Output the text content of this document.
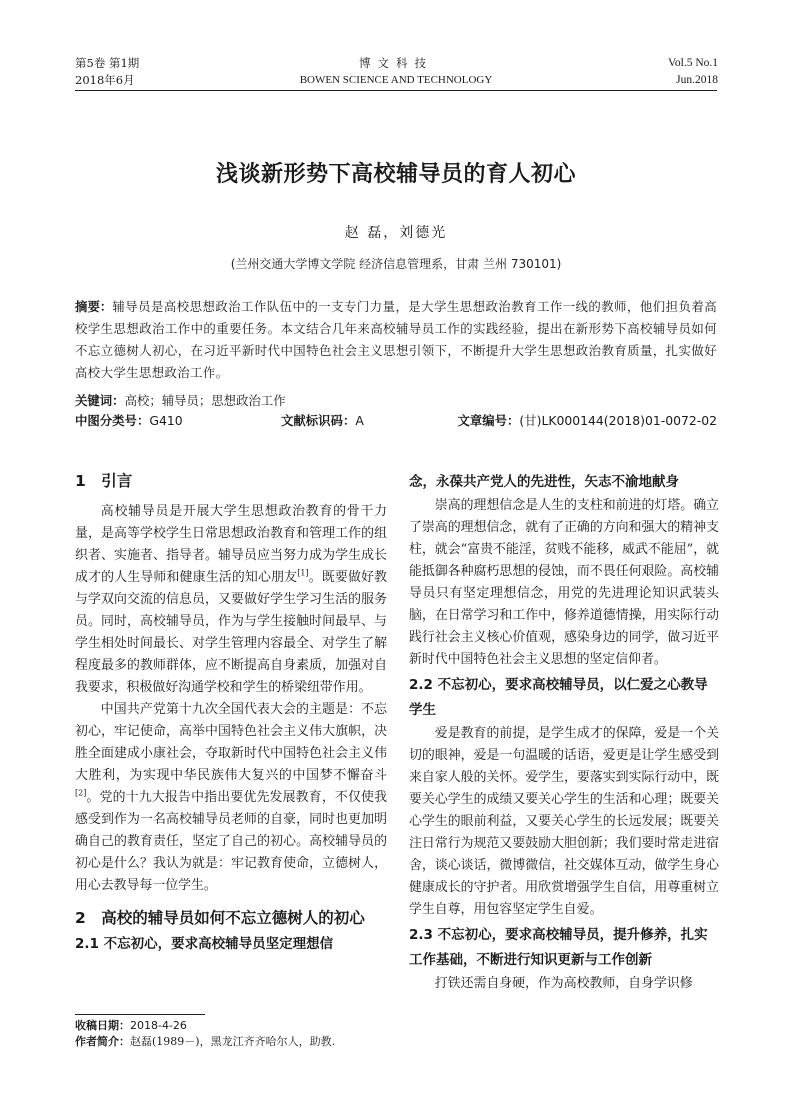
第5卷 第1期
2018年6月
博文科技
BOWEN SCIENCE AND TECHNOLOGY
Vol.5 No.1
Jun.2018
浅谈新形势下高校辅导员的育人初心
赵 磊，刘德光
(兰州交通大学博文学院 经济信息管理系，甘肃 兰州 730101)
摘要：辅导员是高校思想政治工作队伍中的一支专门力量，是大学生思想政治教育工作一线的教师，他们担负着高校学生思想政治工作中的重要任务。本文结合几年来高校辅导员工作的实践经验，提出在新形势下高校辅导员如何不忘立德树人初心，在习近平新时代中国特色社会主义思想引领下，不断提升大学生思想政治教育质量，扎实做好高校大学生思想政治工作。
关键词：高校；辅导员；思想政治工作
中图分类号：G410	文献标识码：A	文章编号：(甘)LK000144(2018)01-0072-02
1　引言

高校辅导员是开展大学生思想政治教育的骨干力量，是高等学校学生日常思想政治教育和管理工作的组织者、实施者、指导者。辅导员应当努力成为学生成长成才的人生导师和健康生活的知心朋友[1]。既要做好教与学双向交流的信息员，又要做好学生学习生活的服务员。同时，高校辅导员，作为与学生接触时间最早、与学生相处时间最长、对学生管理内容最全、对学生了解程度最多的教师群体，应不断提高自身素质，加强对自我要求，积极做好沟通学校和学生的桥梁纽带作用。

中国共产党第十九次全国代表大会的主题是：不忘初心，牢记使命，高举中国特色社会主义伟大旗帜，决胜全面建成小康社会，夺取新时代中国特色社会主义伟大胜利，为实现中华民族伟大复兴的中国梦不懈奋斗[2]。党的十九大报告中指出要优先发展教育，不仅使我感受到作为一名高校辅导员老师的自豪，同时也更加明确自己的教育责任，坚定了自己的初心。高校辅导员的初心是什么？我认为就是：牢记教育使命，立德树人，用心去教导每一位学生。

2　高校的辅导员如何不忘立德树人的初心
2.1 不忘初心，要求高校辅导员坚定理想信
念，永葆共产党人的先进性，矢志不渝地献身

崇高的理想信念是人生的支柱和前进的灯塔。确立了崇高的理想信念，就有了正确的方向和强大的精神支柱，就会“富贵不能淫，贫贱不能移，威武不能屈”，就能抵御各种腐朽思想的侵蚀，而不畏任何艰险。高校辅导员只有坚定理想信念，用党的先进理论知识武装头脑，在日常学习和工作中，修养道德情操，用实际行动践行社会主义核心价值观，感染身边的同学，做习近平新时代中国特色社会主义思想的坚定信仰者。

2.2 不忘初心，要求高校辅导员，以仁爱之心教导学生

爱是教育的前提，是学生成才的保障，爱是一个关切的眼神，爱是一句温暖的话语，爱更是让学生感受到来自家人般的关怀。爱学生，要落实到实际行动中，既要关心学生的成绩又要关心学生的生活和心理；既要关心学生的眼前利益，又要关心学生的长远发展；既要关注日常行为规范又要鼓励大胆创新；我们要时常走进宿舍，谈心谈话，微博微信，社交媒体互动，做学生身心健康成长的守护者。用欣赏增强学生自信，用尊重树立学生自尊，用包容坚定学生自爱。

2.3 不忘初心，要求高校辅导员，提升修养，扎实工作基础，不断进行知识更新与工作创新

打铁还需自身硬，作为高校教师，自身学识修

收稿日期：2018-4-26
作者简介：赵磊(1989－)，黑龙江齐齐哈尔人，助教.
